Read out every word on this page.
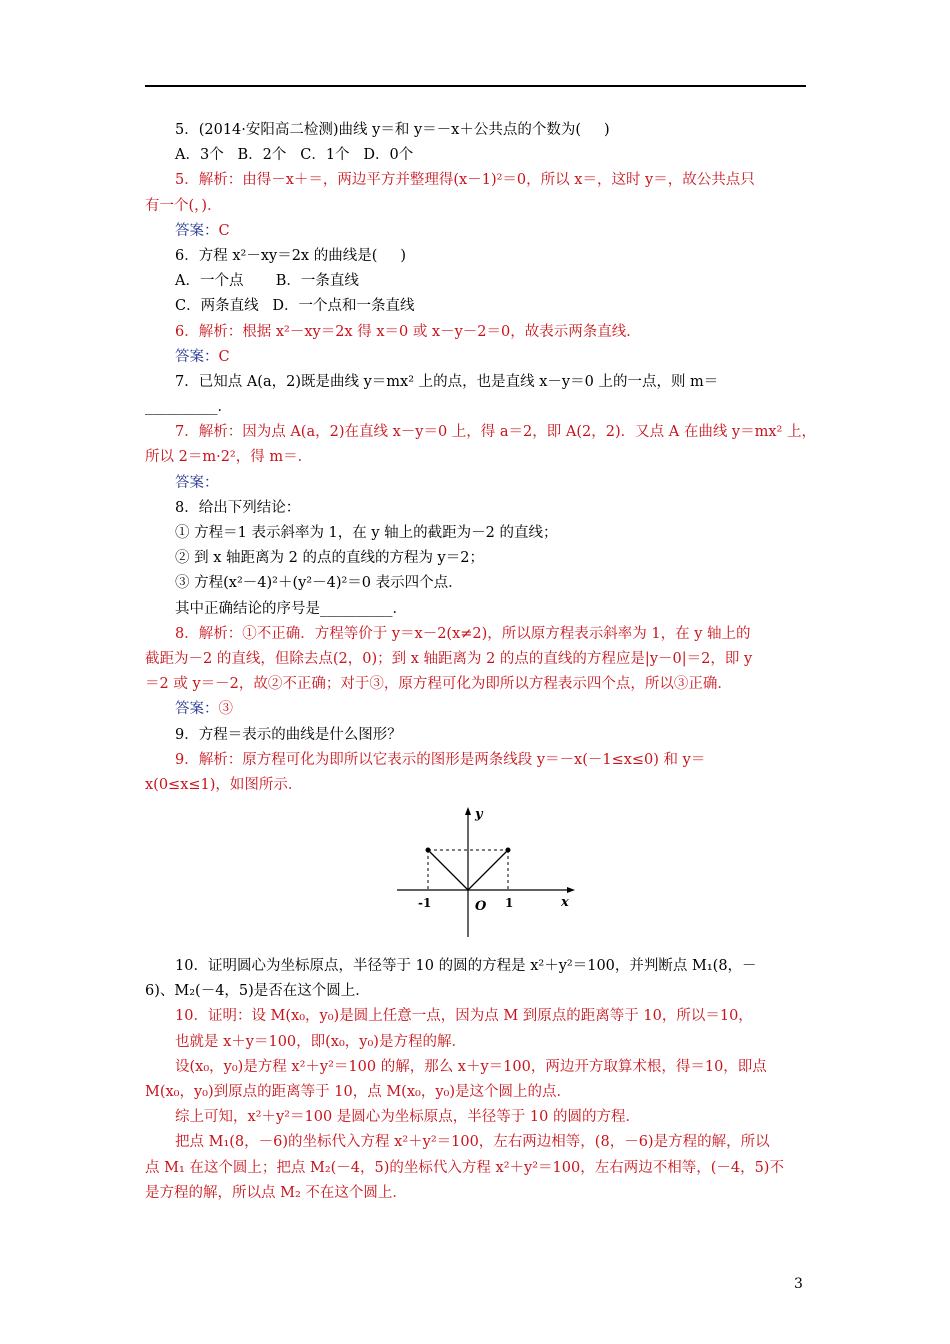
5．(2014·安阳高二检测)曲线 y＝和 y＝－x＋公共点的个数为(     )
A．3个   B．2个   C．1个   D．0个
5．解析：由得－x＋＝，两边平方并整理得(x－1)²＝0，所以 x＝，这时 y＝，故公共点只
有一个(，)．
答案：C
6．方程 x²－xy＝2x 的曲线是(     )
A．一个点       B．一条直线
C．两条直线   D．一个点和一条直线
6．解析：根据 x²－xy＝2x 得 x＝0 或 x－y－2＝0，故表示两条直线．
答案：C
7．已知点 A(a，2)既是曲线 y＝mx² 上的点，也是直线 x－y＝0 上的一点，则 m＝
__________．
7．解析：因为点 A(a，2)在直线 x－y＝0 上，得 a＝2，即 A(2，2)．又点 A 在曲线 y＝mx² 上，
所以 2＝m·2²，得 m＝．
答案：
8．给出下列结论：
① 方程＝1 表示斜率为 1，在 y 轴上的截距为－2 的直线；
② 到 x 轴距离为 2 的点的直线的方程为 y＝2；
③ 方程(x²－4)²＋(y²－4)²＝0 表示四个点．
其中正确结论的序号是__________．
8．解析：①不正确．方程等价于 y＝x－2(x≠2)，所以原方程表示斜率为 1，在 y 轴上的
截距为－2 的直线，但除去点(2，0)；到 x 轴距离为 2 的点的直线的方程应是|y－0|＝2，即 y
＝2 或 y＝－2，故②不正确；对于③，原方程可化为即所以方程表示四个点，所以③正确．
答案：③
9．方程＝表示的曲线是什么图形？
9．解析：原方程可化为即所以它表示的图形是两条线段 y＝－x(－1≤x≤0) 和 y＝
x(0≤x≤1)，如图所示．
y
x
O
-1	1
10．证明圆心为坐标原点，半径等于 10 的圆的方程是 x²＋y²＝100，并判断点 M₁(8，－
6)、M₂(－4，5)是否在这个圆上．
10．证明：设 M(x₀，y₀)是圆上任意一点，因为点 M 到原点的距离等于 10，所以＝10，
也就是 x＋y＝100，即(x₀，y₀)是方程的解．
设(x₀，y₀)是方程 x²＋y²＝100 的解，那么 x＋y＝100，两边开方取算术根，得＝10，即点
M(x₀，y₀)到原点的距离等于 10，点 M(x₀，y₀)是这个圆上的点．
综上可知，x²＋y²＝100 是圆心为坐标原点，半径等于 10 的圆的方程．
把点 M₁(8，－6)的坐标代入方程 x²＋y²＝100，左右两边相等，(8，－6)是方程的解，所以
点 M₁ 在这个圆上；把点 M₂(－4，5)的坐标代入方程 x²＋y²＝100，左右两边不相等，(－4，5)不
是方程的解，所以点 M₂ 不在这个圆上．
3
